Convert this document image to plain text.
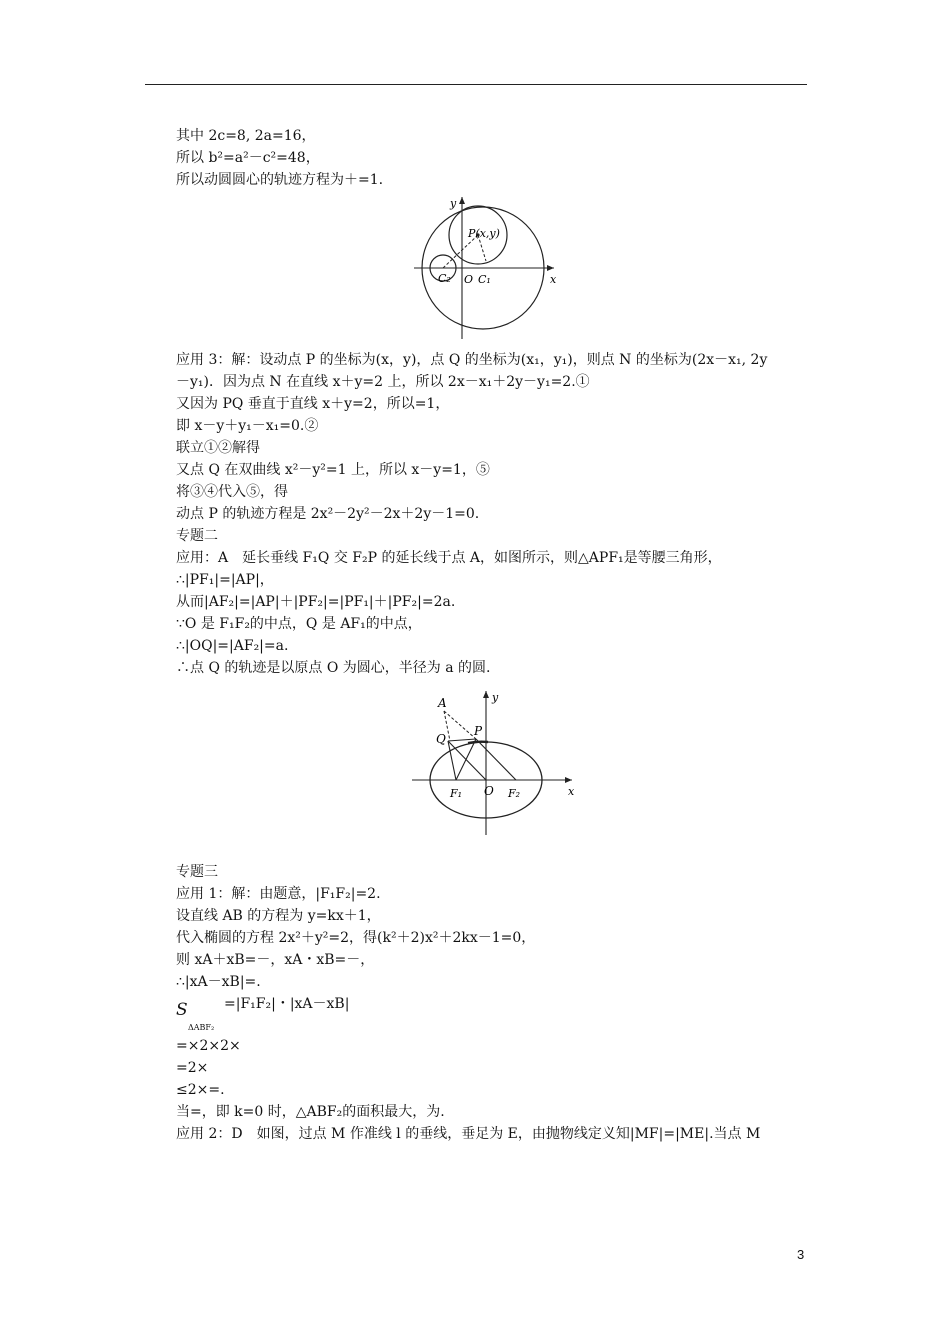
其中 2c=8, 2a=16，
所以 b²=a²－c²=48，
所以动圆圆心的轨迹方程为＋=1.
y
P(x,y)
C₂ O C₁	x
应用 3：解：设动点 P 的坐标为(x，y)，点 Q 的坐标为(x₁，y₁)，则点 N 的坐标为(2x－x₁, 2y
－y₁)．因为点 N 在直线 x＋y=2 上，所以 2x－x₁＋2y－y₁=2.①
又因为 PQ 垂直于直线 x＋y=2，所以=1，
即 x－y＋y₁－x₁=0.②
联立①②解得
又点 Q 在双曲线 x²－y²=1 上，所以 x－y=1，⑤
将③④代入⑤，得
动点 P 的轨迹方程是 2x²－2y²－2x＋2y－1=0.
专题二
应用：A　延长垂线 F₁Q 交 F₂P 的延长线于点 A，如图所示，则△APF₁是等腰三角形，
∴|PF₁|=|AP|，
从而|AF₂|=|AP|＋|PF₂|=|PF₁|＋|PF₂|=2a.
∵O 是 F₁F₂的中点，Q 是 AF₁的中点，
∴|OQ|=|AF₂|=a.
∴点 Q 的轨迹是以原点 O 为圆心，半径为 a 的圆.
A	y
Q
P
F₁ O F₂	x
专题三
应用 1：解：由题意，|F₁F₂|=2.
设直线 AB 的方程为 y=kx＋1，
代入椭圆的方程 2x²＋y²=2，得(k²＋2)x²＋2kx－1=0，
则 xA＋xB=－，xA・xB=－，
∴|xA－xB|=.
S
ΔABF₂
=|F₁F₂|・|xA－xB|
=×2×2×
=2×
≤2×=.
当=，即 k=0 时，△ABF₂的面积最大，为.
应用 2：D　如图，过点 M 作准线 l 的垂线，垂足为 E，由抛物线定义知|MF|=|ME|.当点 M
3
